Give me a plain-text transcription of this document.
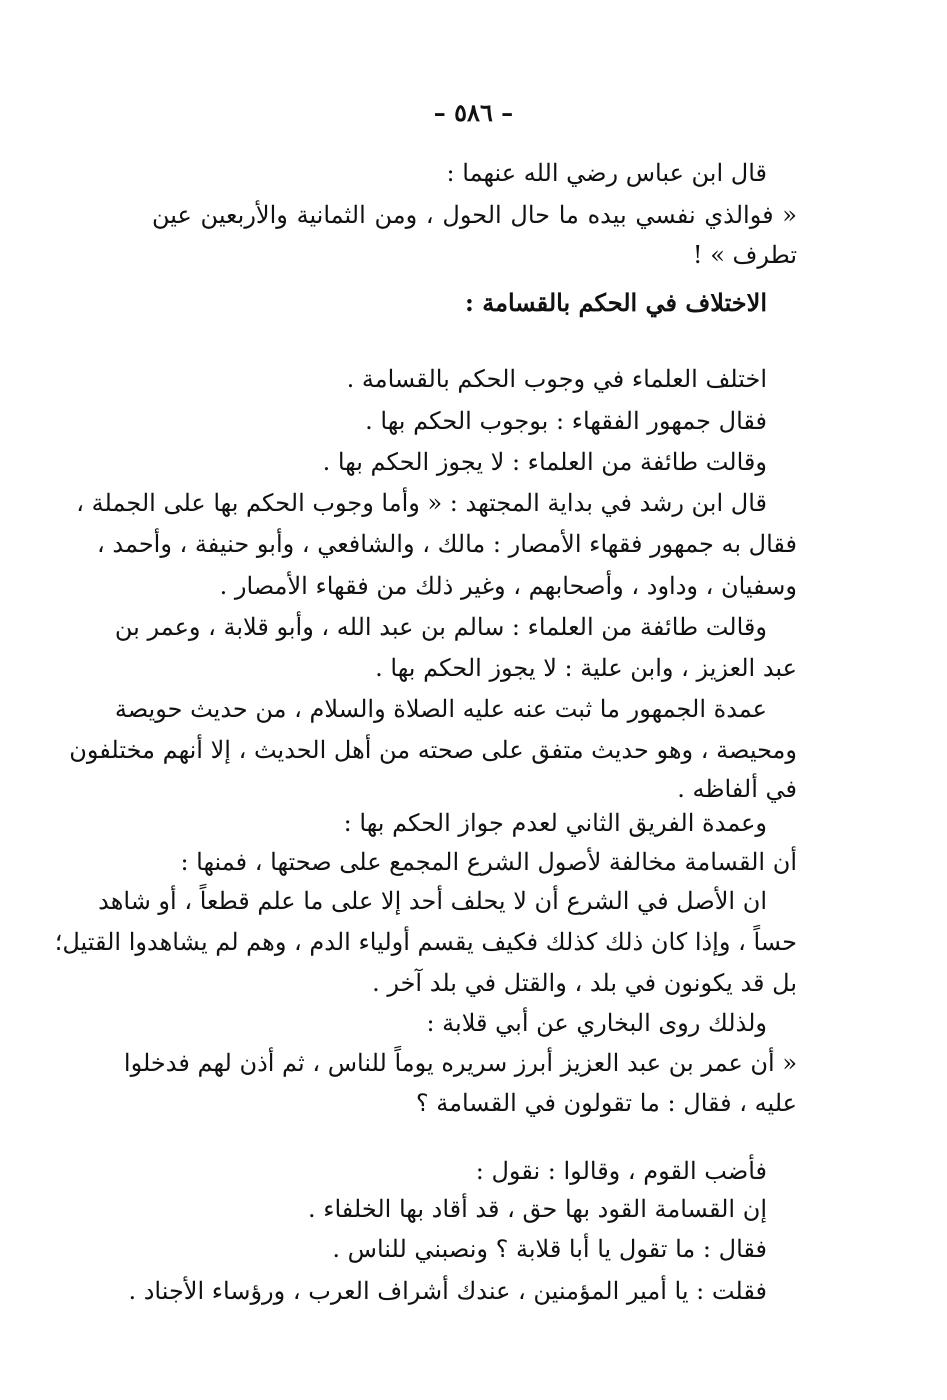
– ٥٨٦ –
قال ابن عباس رضي الله عنهما :
« فوالذي نفسي بيده ما حال الحول ، ومن الثمانية والأربعين عين
تطرف » !
الاختلاف في الحكم بالقسامة :
اختلف العلماء في وجوب الحكم بالقسامة .
فقال جمهور الفقهاء : بوجوب الحكم بها .
وقالت طائفة من العلماء : لا يجوز الحكم بها .
قال ابن رشد في بداية المجتهد : « وأما وجوب الحكم بها على الجملة ،
فقال به جمهور فقهاء الأمصار : مالك ، والشافعي ، وأبو حنيفة ، وأحمد ،
وسفيان ، وداود ، وأصحابهم ، وغير ذلك من فقهاء الأمصار .
وقالت طائفة من العلماء : سالم بن عبد الله ، وأبو قلابة ، وعمر بن
عبد العزيز ، وابن علية : لا يجوز الحكم بها .
عمدة الجمهور ما ثبت عنه عليه الصلاة والسلام ، من حديث حويصة
ومحيصة ، وهو حديث متفق على صحته من أهل الحديث ، إلا أنهم مختلفون
في ألفاظه .
وعمدة الفريق الثاني لعدم جواز الحكم بها :
أن القسامة مخالفة لأصول الشرع المجمع على صحتها ، فمنها :
ان الأصل في الشرع أن لا يحلف أحد إلا على ما علم قطعاً ، أو شاهد
حساً ، وإذا كان ذلك كذلك فكيف يقسم أولياء الدم ، وهم لم يشاهدوا القتيل؛
بل قد يكونون في بلد ، والقتل في بلد آخر .
ولذلك روى البخاري عن أبي قلابة :
« أن عمر بن عبد العزيز أبرز سريره يوماً للناس ، ثم أذن لهم فدخلوا
عليه ، فقال : ما تقولون في القسامة ؟
فأضب القوم ، وقالوا : نقول :
إن القسامة القود بها حق ، قد أقاد بها الخلفاء .
فقال : ما تقول يا أبا قلابة ؟ ونصبني للناس .
فقلت : يا أمير المؤمنين ، عندك أشراف العرب ، ورؤساء الأجناد .
